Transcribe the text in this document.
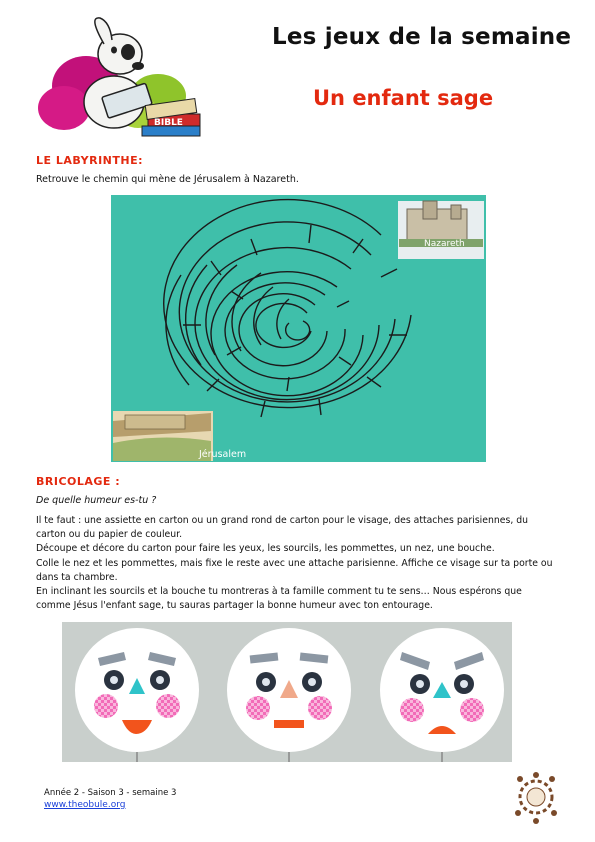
BIBLE
Les jeux de la semaine
Un enfant sage
LE LABYRINTHE:
Retrouve le chemin qui mène de Jérusalem à Nazareth.
Nazareth
Jérusalem
BRICOLAGE :
De quelle humeur es-tu ?

Il te faut : une assiette en carton ou un grand rond de carton pour le visage, des attaches parisiennes, du carton ou du papier de couleur.

Découpe et décore du carton pour faire les yeux, les sourcils, les pommettes, un nez, une bouche.

Colle le nez et les pommettes, mais fixe le reste avec une attache parisienne. Affiche ce visage sur ta porte ou dans ta chambre.

En inclinant les sourcils et la bouche tu montreras à ta famille comment tu te sens… Nous espérons que comme Jésus l'enfant sage, tu sauras partager la bonne humeur avec ton entourage.

Année 2 - Saison 3 - semaine 3
www.theobule.org
